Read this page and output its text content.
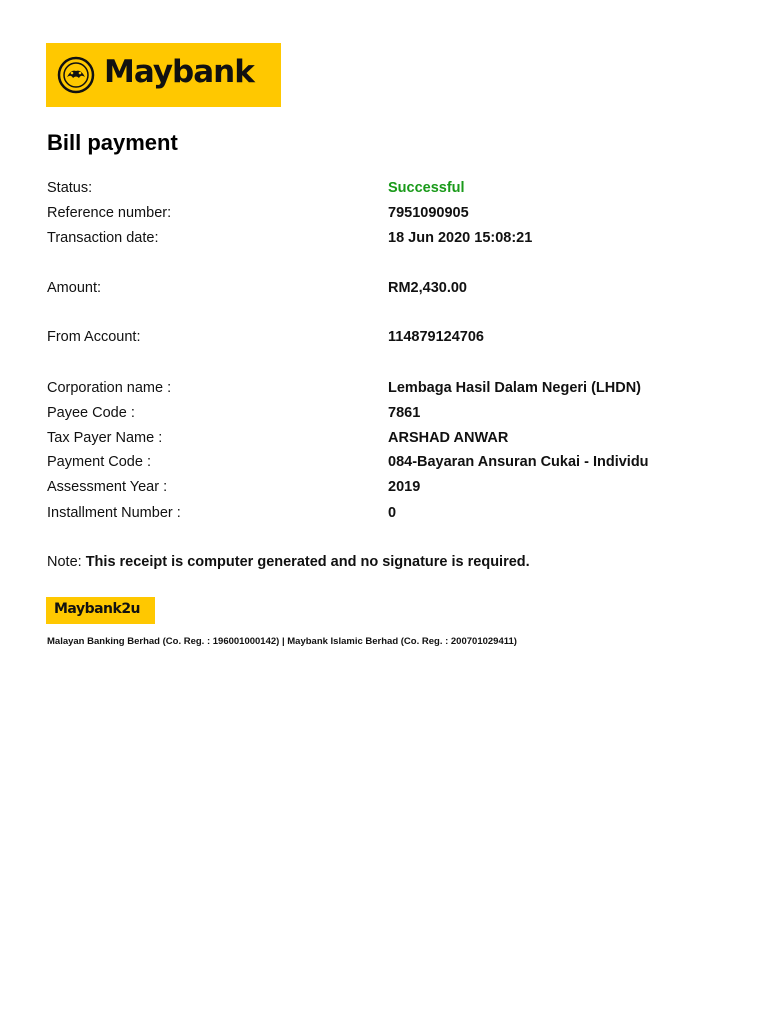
Maybank
Bill payment
Status:	Successful
Reference number:	7951090905
Transaction date:	18 Jun 2020 15:08:21
Amount:	RM2,430.00
From Account:	114879124706
Corporation name :	Lembaga Hasil Dalam Negeri (LHDN)
Payee Code :	7861
Tax Payer Name :	ARSHAD ANWAR
Payment Code :	084-Bayaran Ansuran Cukai - Individu
Assessment Year :	2019
Installment Number :	0
Note: This receipt is computer generated and no signature is required.
Maybank2u
Malayan Banking Berhad (Co. Reg. : 196001000142) | Maybank Islamic Berhad (Co. Reg. : 200701029411)
